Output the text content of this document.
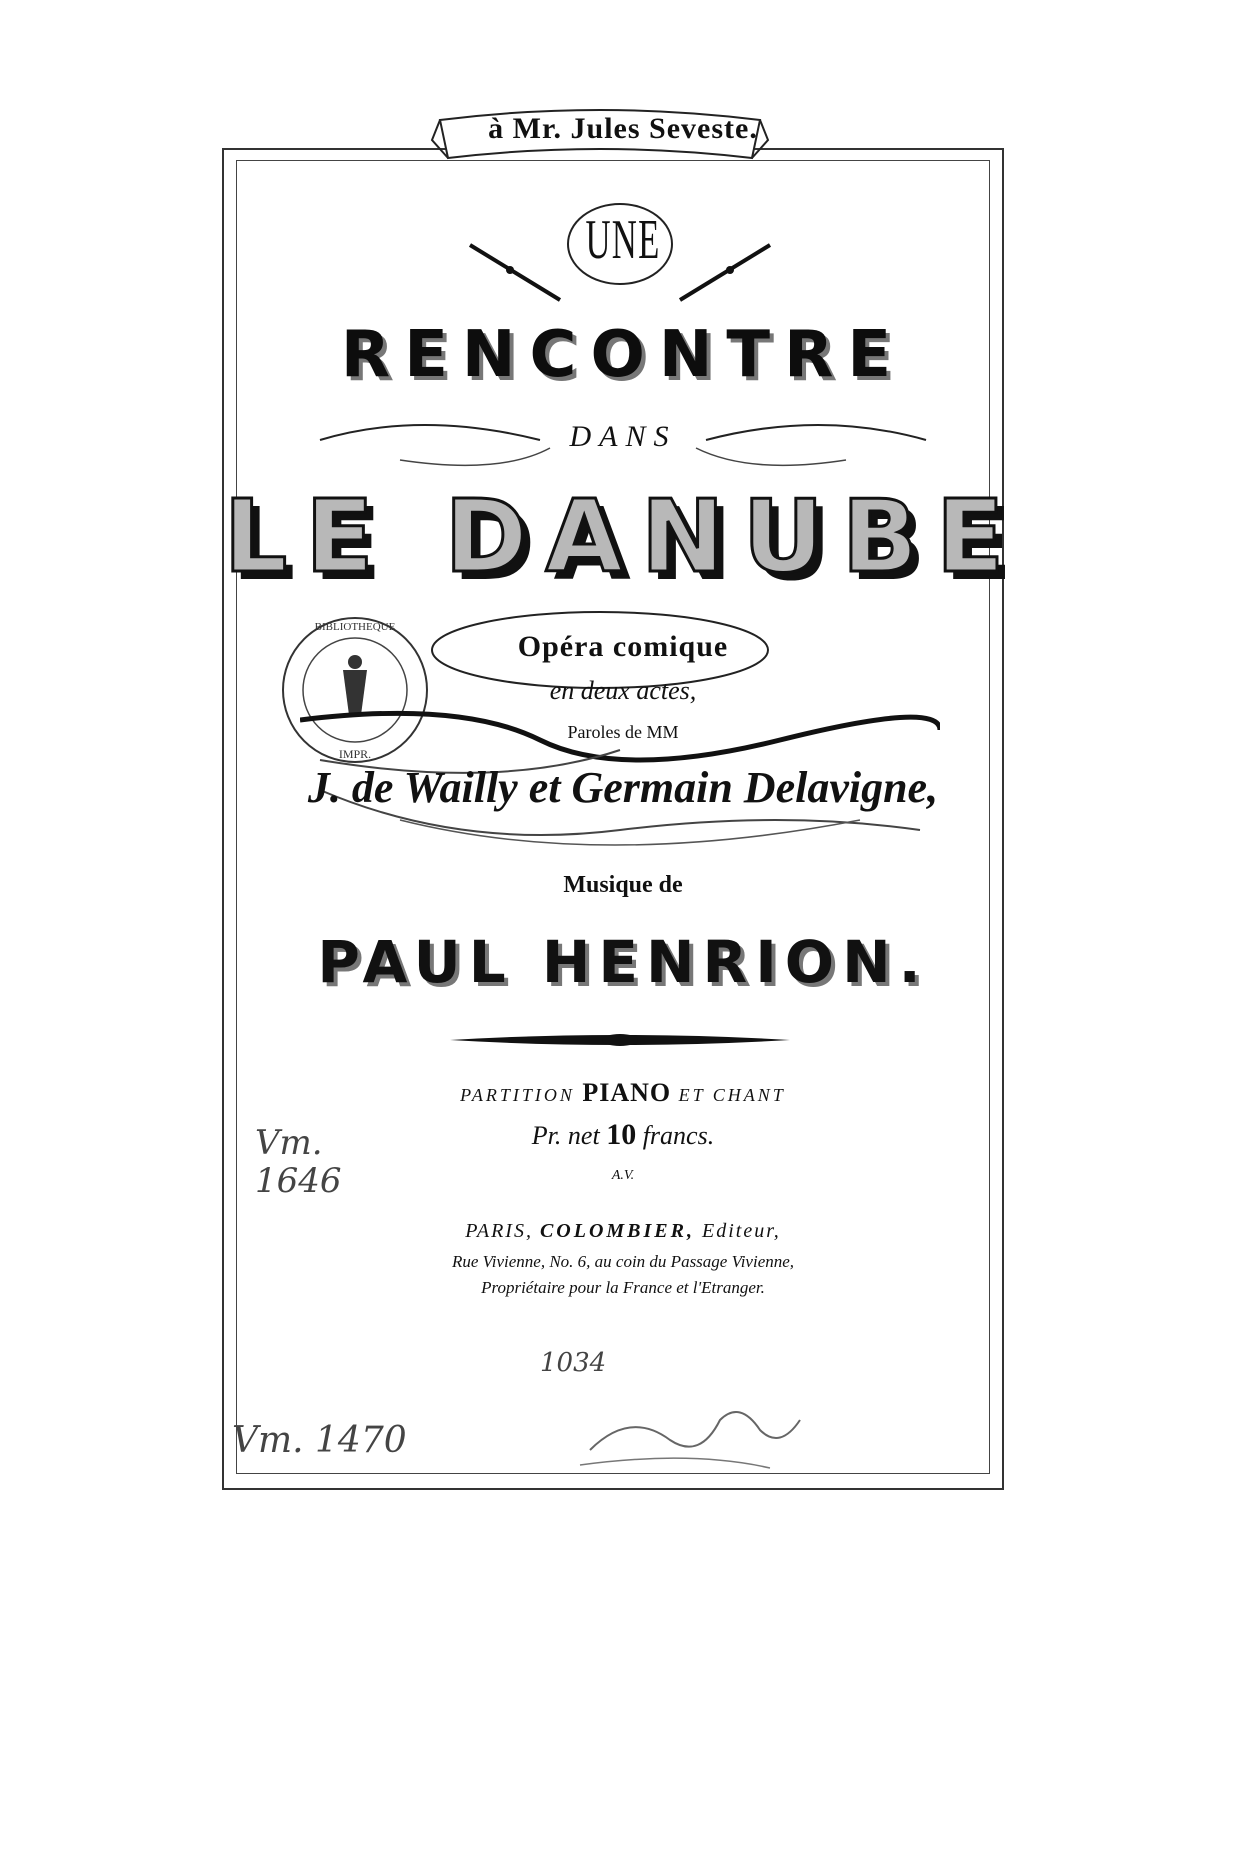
à Mr. Jules Seveste.
UNE
RENCONTRE
DANS
LE DANUBE
Opéra comique
BIBLIOTHEQUE
IMPR.
en deux actes,
Paroles de MM
J. de Wailly et Germain Delavigne,
Musique de
PAUL HENRION.
PARTITION PIANO ET CHANT
Pr. net 10 francs.
A.V.
PARIS, COLOMBIER, Editeur,
Rue Vivienne, No. 6, au coin du Passage Vivienne,
Propriétaire pour la France et l'Etranger.
Vm.
1646
Vm. 1470
1034
